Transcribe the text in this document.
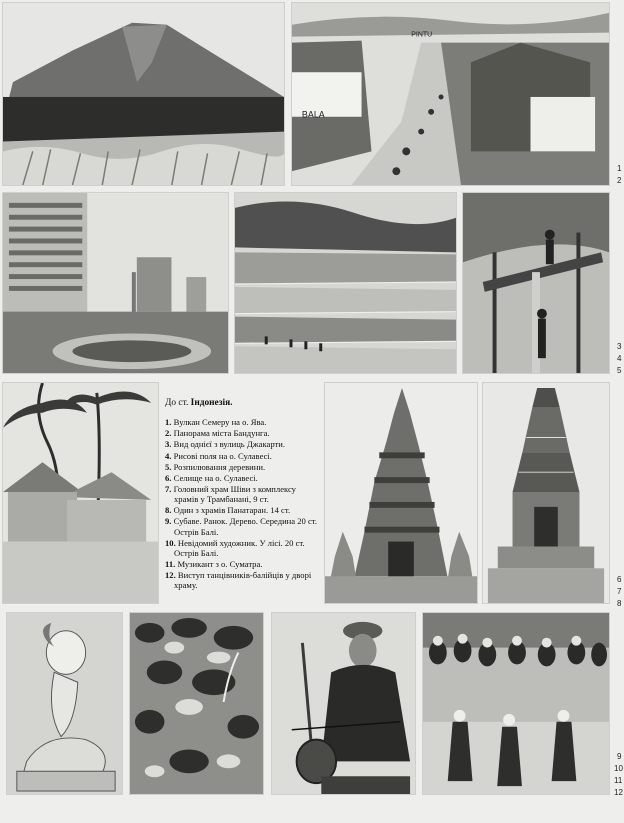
BALA
PINTU

До ст. Індонезія.

1. Вулкан Семеру на о. Ява.
2. Панорама міста Бандунга.
3. Вид однієї з вулиць Джакарти.
4. Рисові поля на о. Сулавесі.
5. Розпилювання деревини.
6. Селище на о. Сулавесі.
7. Головний храм Шіви з комплексу храмів у Трамбанані, 9 ст.
8. Один з храмів Панатаран. 14 ст.
9. Субаве. Ранок. Дерево. Середина 20 ст. Острів Балі.
10. Невідомий художник. У лісі. 20 ст. Острів Балі.
11. Музикант з о. Суматра.
12. Виступ танцівників-балійців у дворі храму.
1
2
3
4
5
6
7
8
9
10
11
12
